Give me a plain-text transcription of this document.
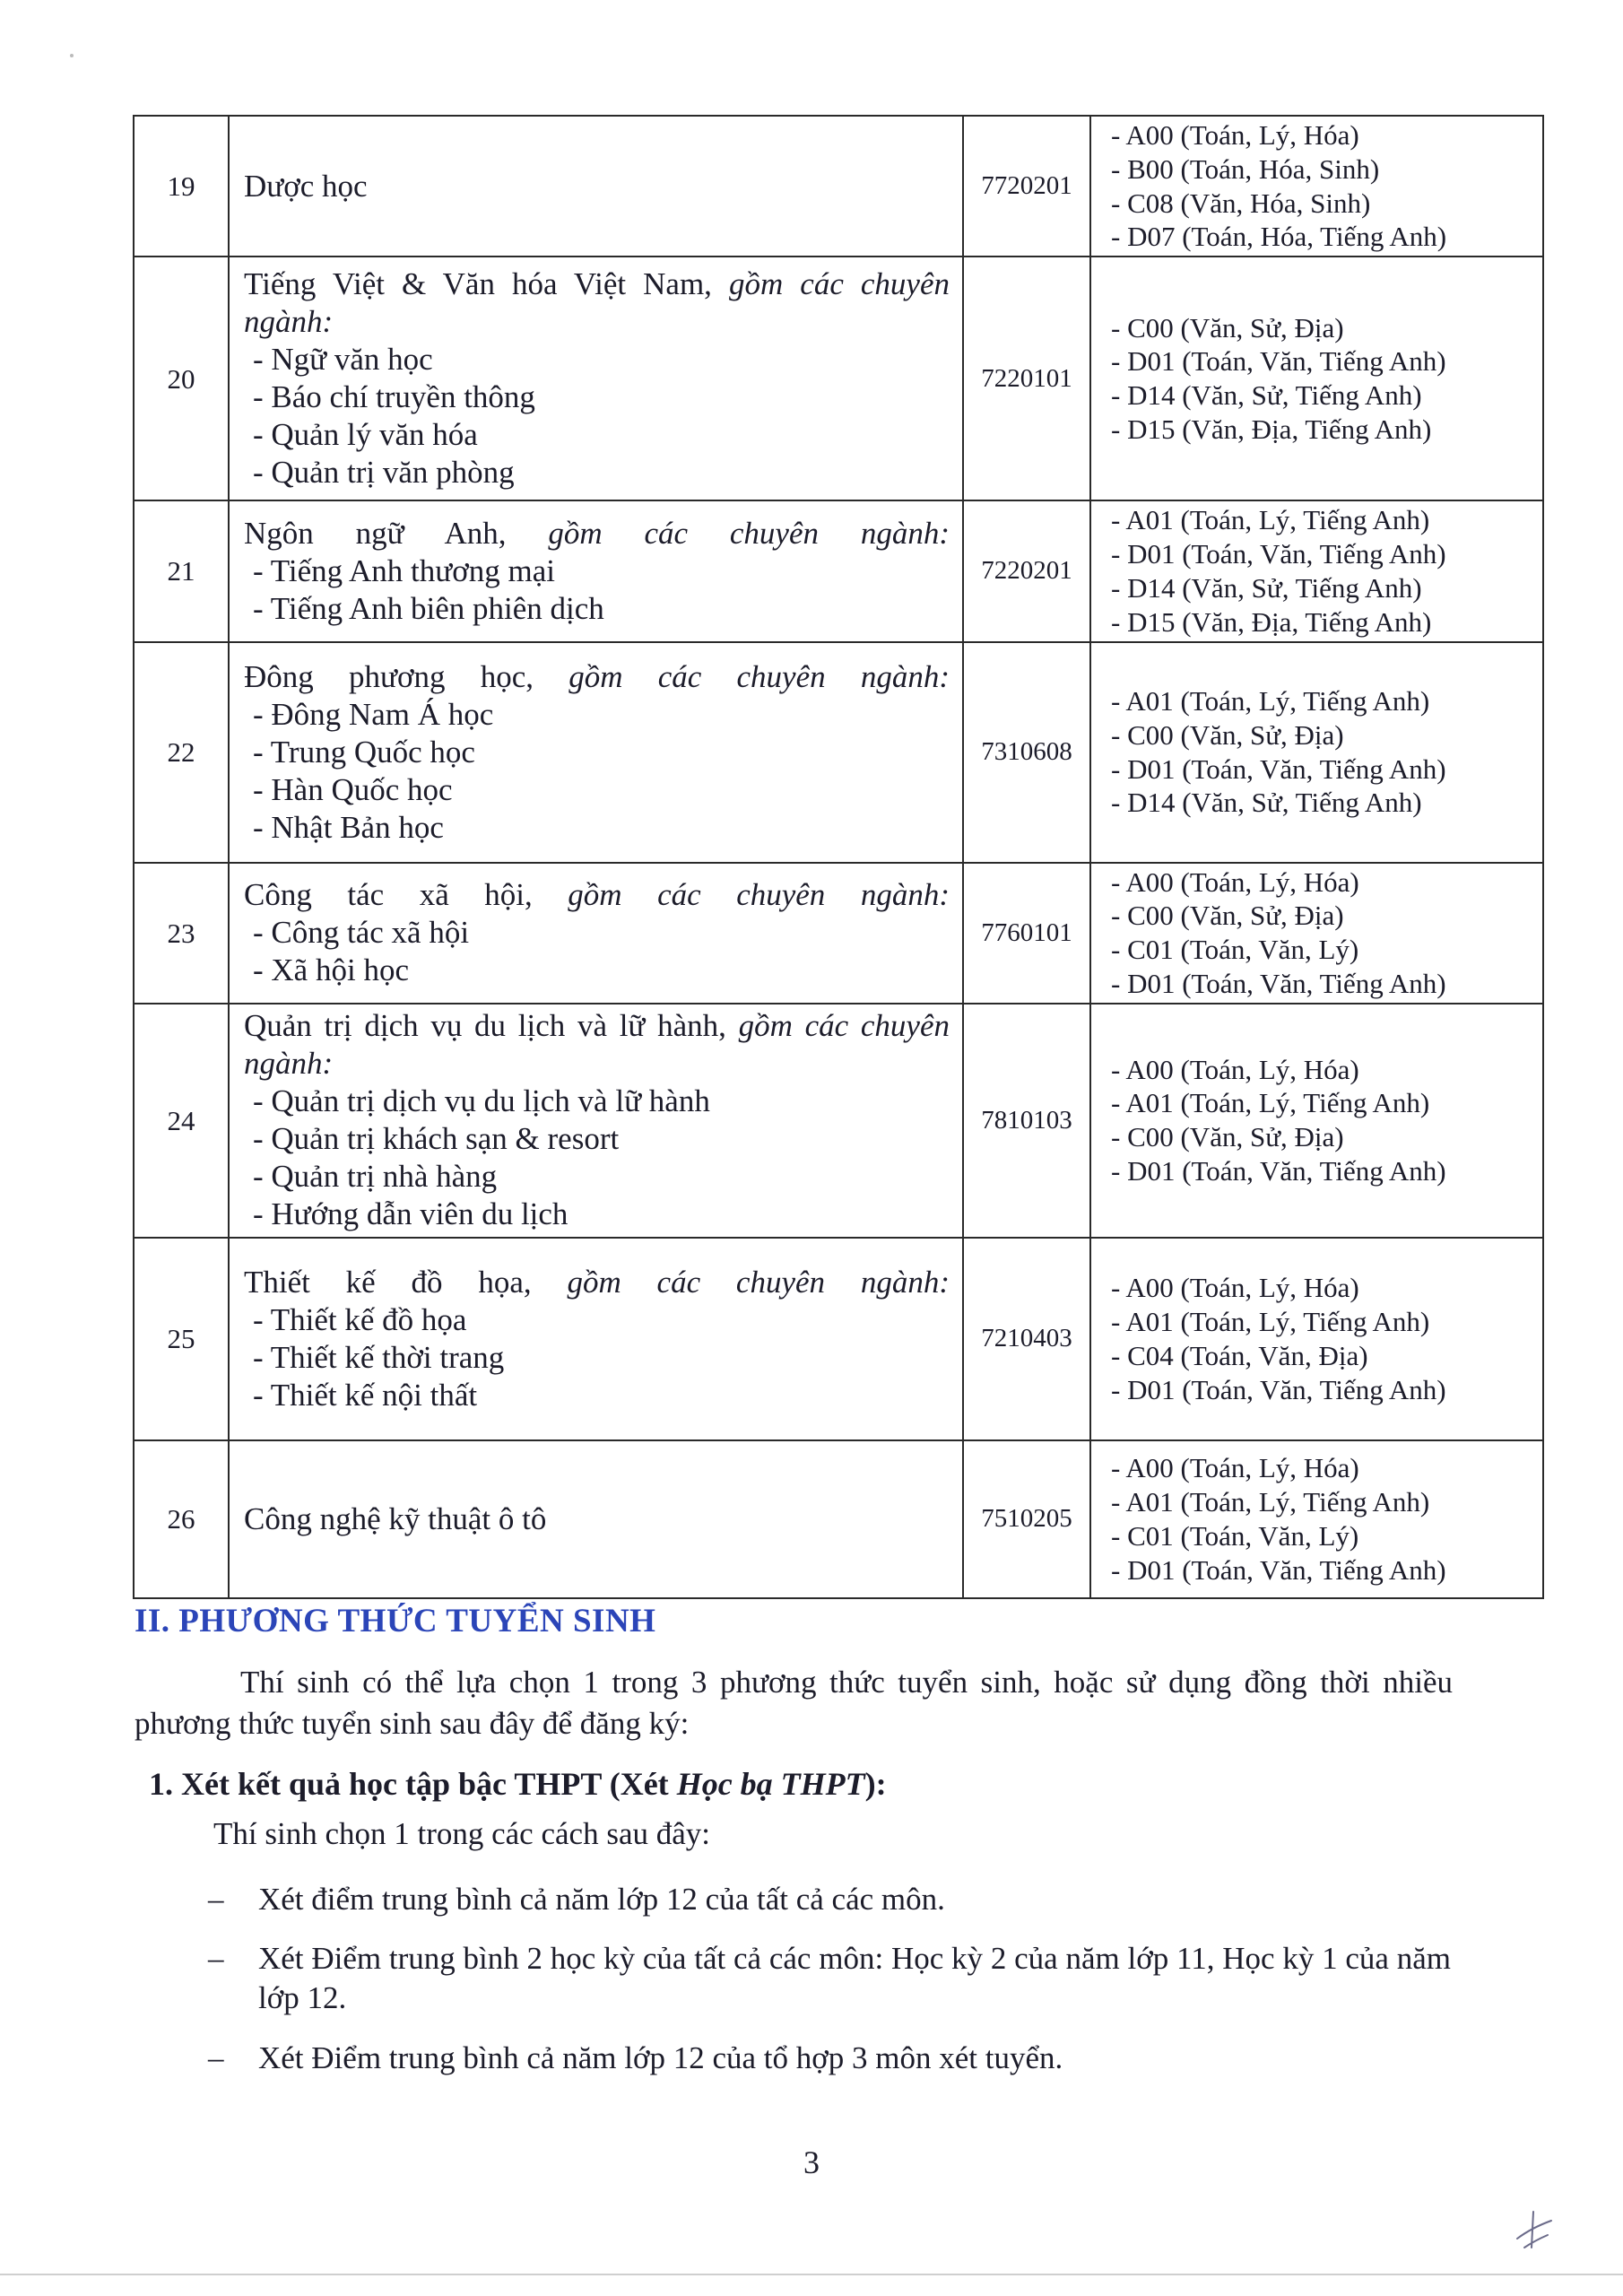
19	Dược học	7720201	- A00 (Toán, Lý, Hóa)
- B00 (Toán, Hóa, Sinh)
- C08 (Văn, Hóa, Sinh)
- D07 (Toán, Hóa, Tiếng Anh)

20	Tiếng Việt & Văn hóa Việt Nam, gồm các chuyên ngành:
- Ngữ văn học
- Báo chí truyền thông
- Quản lý văn hóa
- Quản trị văn phòng	7220101	- C00 (Văn, Sử, Địa)
- D01 (Toán, Văn, Tiếng Anh)
- D14 (Văn, Sử, Tiếng Anh)
- D15 (Văn, Địa, Tiếng Anh)

21	Ngôn ngữ Anh, gồm các chuyên ngành:
- Tiếng Anh thương mại
- Tiếng Anh biên phiên dịch	7220201	- A01 (Toán, Lý, Tiếng Anh)
- D01 (Toán, Văn, Tiếng Anh)
- D14 (Văn, Sử, Tiếng Anh)
- D15 (Văn, Địa, Tiếng Anh)

22	Đông phương học, gồm các chuyên ngành:
- Đông Nam Á học
- Trung Quốc học
- Hàn Quốc học
- Nhật Bản học	7310608	- A01 (Toán, Lý, Tiếng Anh)
- C00 (Văn, Sử, Địa)
- D01 (Toán, Văn, Tiếng Anh)
- D14 (Văn, Sử, Tiếng Anh)

23	Công tác xã hội, gồm các chuyên ngành:
- Công tác xã hội
- Xã hội học	7760101	- A00 (Toán, Lý, Hóa)
- C00 (Văn, Sử, Địa)
- C01 (Toán, Văn, Lý)
- D01 (Toán, Văn, Tiếng Anh)

24	Quản trị dịch vụ du lịch và lữ hành, gồm các chuyên ngành:
- Quản trị dịch vụ du lịch và lữ hành
- Quản trị khách sạn & resort
- Quản trị nhà hàng
- Hướng dẫn viên du lịch	7810103	- A00 (Toán, Lý, Hóa)
- A01 (Toán, Lý, Tiếng Anh)
- C00 (Văn, Sử, Địa)
- D01 (Toán, Văn, Tiếng Anh)

25	Thiết kế đồ họa, gồm các chuyên ngành:
- Thiết kế đồ họa
- Thiết kế thời trang
- Thiết kế nội thất	7210403	- A00 (Toán, Lý, Hóa)
- A01 (Toán, Lý, Tiếng Anh)
- C04 (Toán, Văn, Địa)
- D01 (Toán, Văn, Tiếng Anh)

26	Công nghệ kỹ thuật ô tô	7510205	- A00 (Toán, Lý, Hóa)
- A01 (Toán, Lý, Tiếng Anh)
- C01 (Toán, Văn, Lý)
- D01 (Toán, Văn, Tiếng Anh)
II. PHƯƠNG THỨC TUYỂN SINH
Thí sinh có thể lựa chọn 1 trong 3 phương thức tuyển sinh, hoặc sử dụng đồng thời nhiều phương thức tuyển sinh sau đây để đăng ký:
1. Xét kết quả học tập bậc THPT (Xét Học bạ THPT):
Thí sinh chọn 1 trong các cách sau đây:
– Xét điểm trung bình cả năm lớp 12 của tất cả các môn.
– Xét Điểm trung bình 2 học kỳ của tất cả các môn: Học kỳ 2 của năm lớp 11, Học kỳ 1 của năm lớp 12.
– Xét Điểm trung bình cả năm lớp 12 của tổ hợp 3 môn xét tuyển.
3
